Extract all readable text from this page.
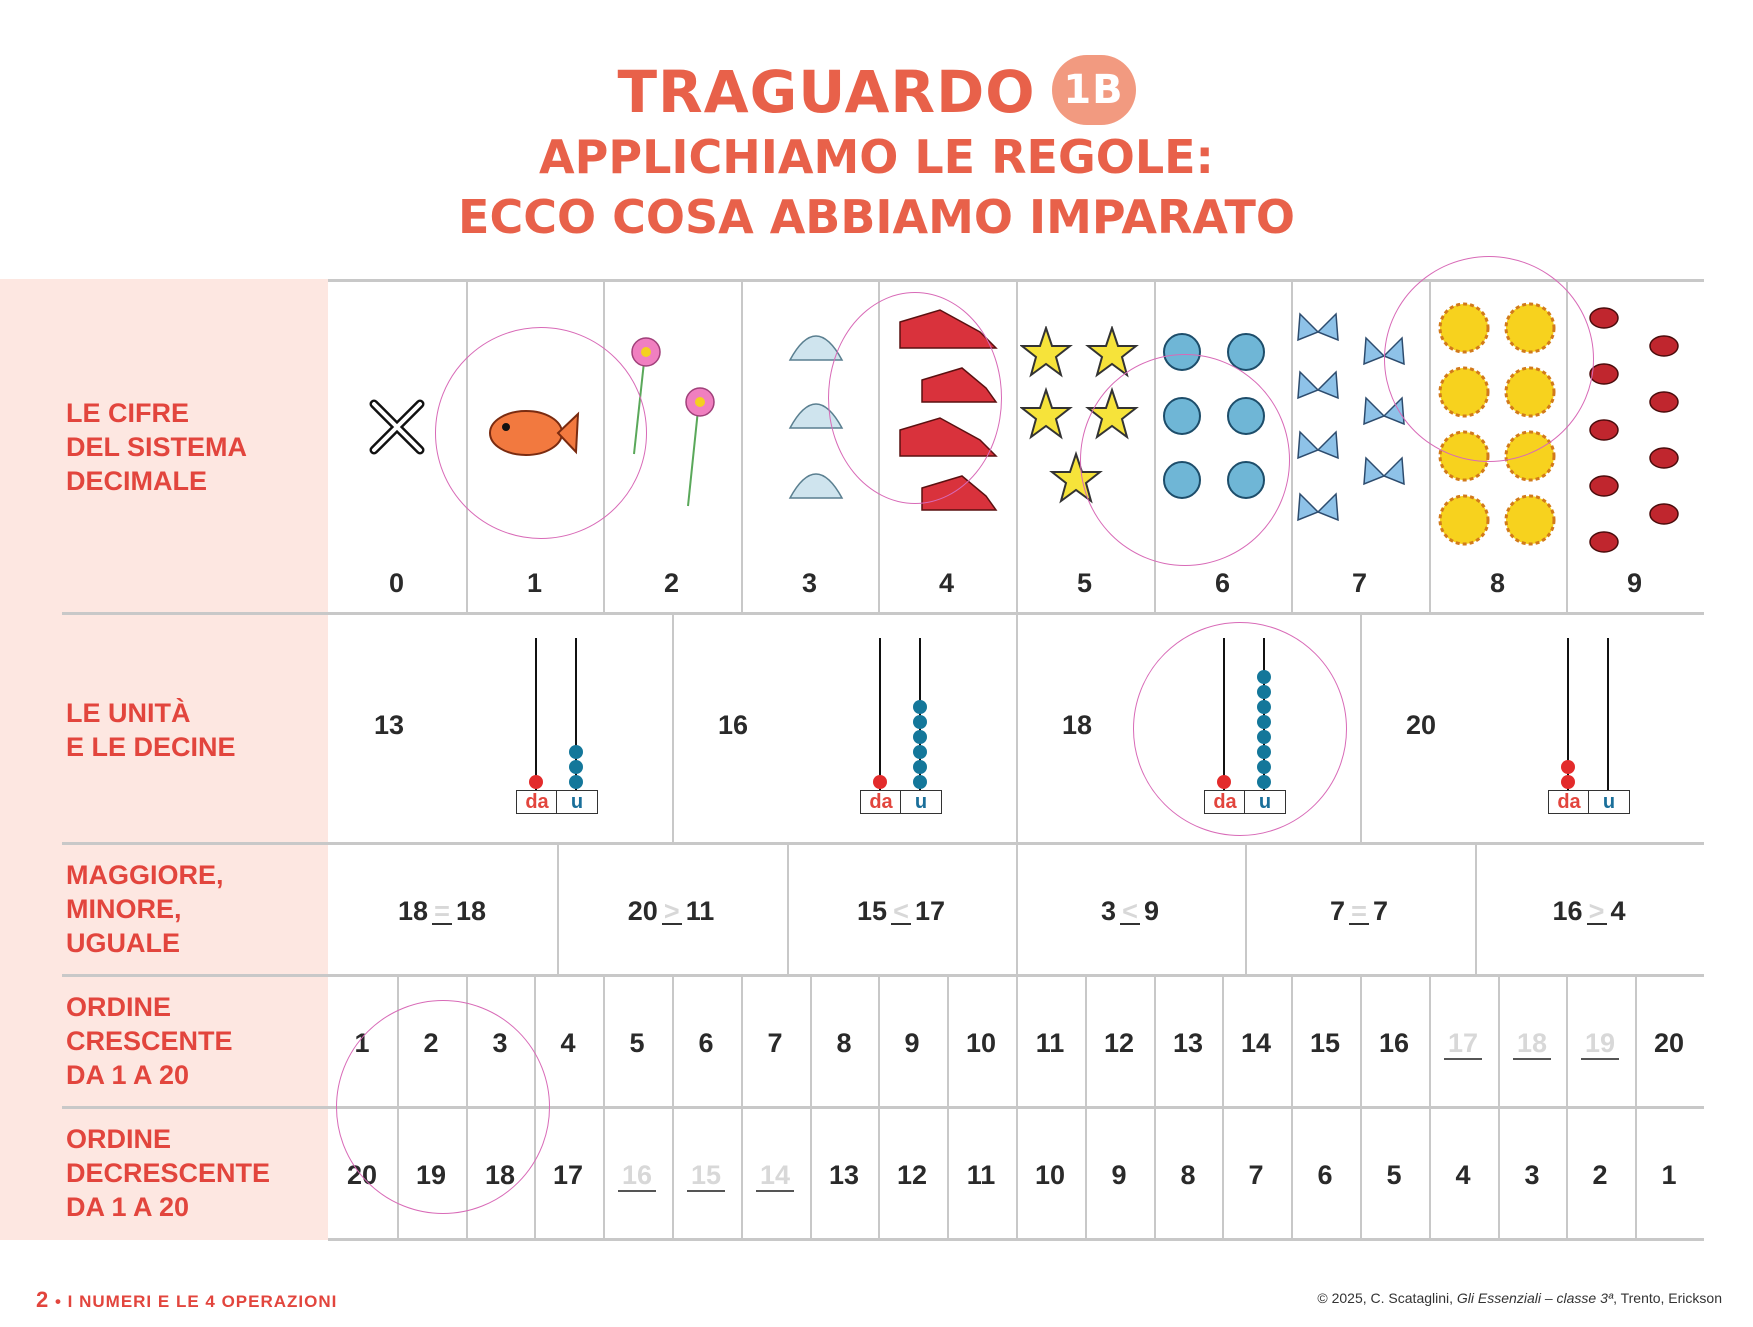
TRAGUARDO 1B
APPLICHIAMO LE REGOLE:
ECCO COSA ABBIAMO IMPARATO
LE CIFRE
DEL SISTEMA
DECIMALE
LE UNITÀ
E LE DECINE
MAGGIORE,
MINORE,
UGUALE
ORDINE
CRESCENTE
DA 1 A 20
ORDINE
DECRESCENTE
DA 1 A 20
0	1	2	3	4	5	6	7	8	9
13
da	u
16
da	u
18
da	u
20
da	u
18 = 18	20 > 11	15 < 17	3 < 9	7 = 7	16 > 4
1	2	3	4	5	6	7	8	9	10	11	12	13	14	15	16	17	18	19	20
20	19	18	17	16	15	14	13	12	11	10	9	8	7	6	5	4	3	2	1
2 • I NUMERI E LE 4 OPERAZIONI	© 2025, C. Scataglini, Gli Essenziali – classe 3ª, Trento, Erickson
